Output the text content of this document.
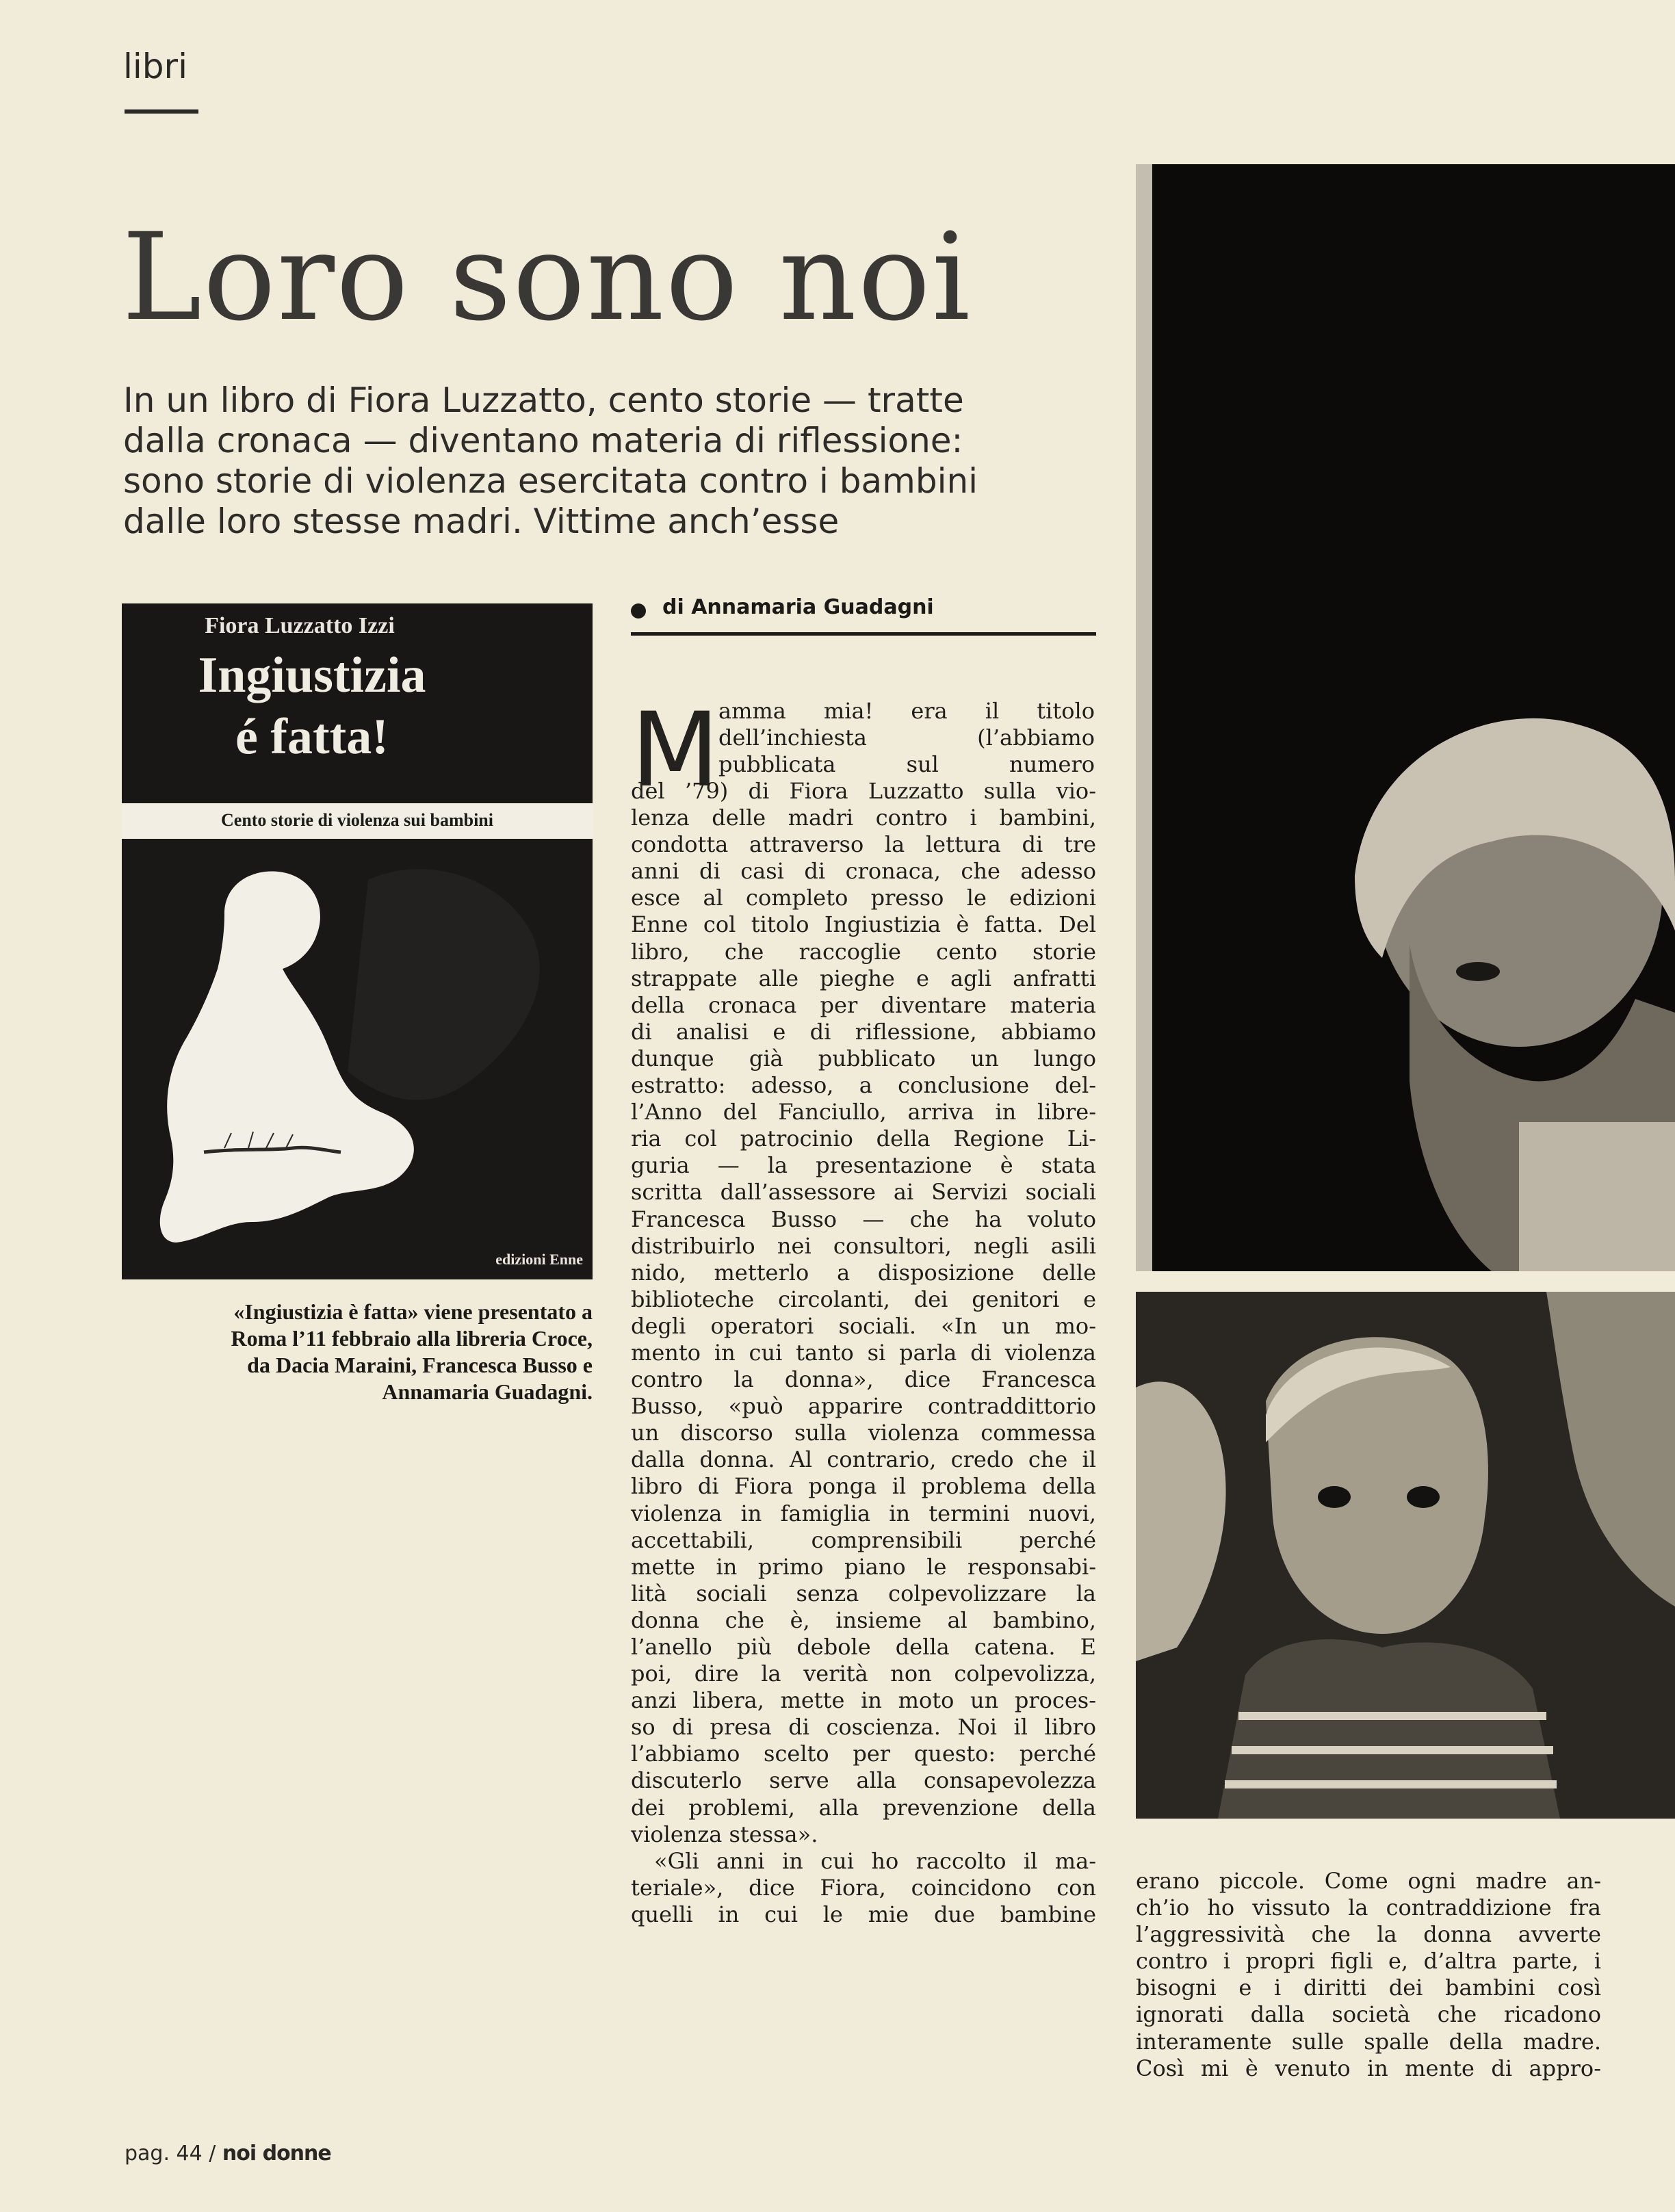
libri
Loro sono noi
In un libro di Fiora Luzzatto, cento storie — tratte
dalla cronaca — diventano materia di riflessione:
sono storie di violenza esercitata contro i bambini
dalle loro stesse madri. Vittime anch’esse
Fiora Luzzatto Izzi
Ingiustizia
é fatta!
Cento storie di violenza sui bambini
edizioni Enne
«Ingiustizia è fatta» viene presentato a
Roma l’11 febbraio alla libreria Croce,
da Dacia Maraini, Francesca Busso e
Annamaria Guadagni.
di Annamaria Guadagni
M
amma mia! era il titolo
dell’inchiesta (l’abbiamo
pubblicata sul numero
del ’79) di Fiora Luzzatto sulla vio-
lenza delle madri contro i bambini,
condotta attraverso la lettura di tre
anni di casi di cronaca, che adesso
esce al completo presso le edizioni
Enne col titolo Ingiustizia è fatta. Del
libro, che raccoglie cento storie
strappate alle pieghe e agli anfratti
della cronaca per diventare materia
di analisi e di riflessione, abbiamo
dunque già pubblicato un lungo
estratto: adesso, a conclusione del-
l’Anno del Fanciullo, arriva in libre-
ria col patrocinio della Regione Li-
guria — la presentazione è stata
scritta dall’assessore ai Servizi sociali
Francesca Busso — che ha voluto
distribuirlo nei consultori, negli asili
nido, metterlo a disposizione delle
biblioteche circolanti, dei genitori e
degli operatori sociali. «In un mo-
mento in cui tanto si parla di violenza
contro la donna», dice Francesca
Busso, «può apparire contraddittorio
un discorso sulla violenza commessa
dalla donna. Al contrario, credo che il
libro di Fiora ponga il problema della
violenza in famiglia in termini nuovi,
accettabili, comprensibili perché
mette in primo piano le responsabi-
lità sociali senza colpevolizzare la
donna che è, insieme al bambino,
l’anello più debole della catena. E
poi, dire la verità non colpevolizza,
anzi libera, mette in moto un proces-
so di presa di coscienza. Noi il libro
l’abbiamo scelto per questo: perché
discuterlo serve alla consapevolezza
dei problemi, alla prevenzione della
violenza stessa».
«Gli anni in cui ho raccolto il ma-
teriale», dice Fiora, coincidono con
quelli in cui le mie due bambine
erano piccole. Come ogni madre an-
ch’io ho vissuto la contraddizione fra
l’aggressività che la donna avverte
contro i propri figli e, d’altra parte, i
bisogni e i diritti dei bambini così
ignorati dalla società che ricadono
interamente sulle spalle della madre.
Così mi è venuto in mente di appro-
pag. 44 / noi donne
